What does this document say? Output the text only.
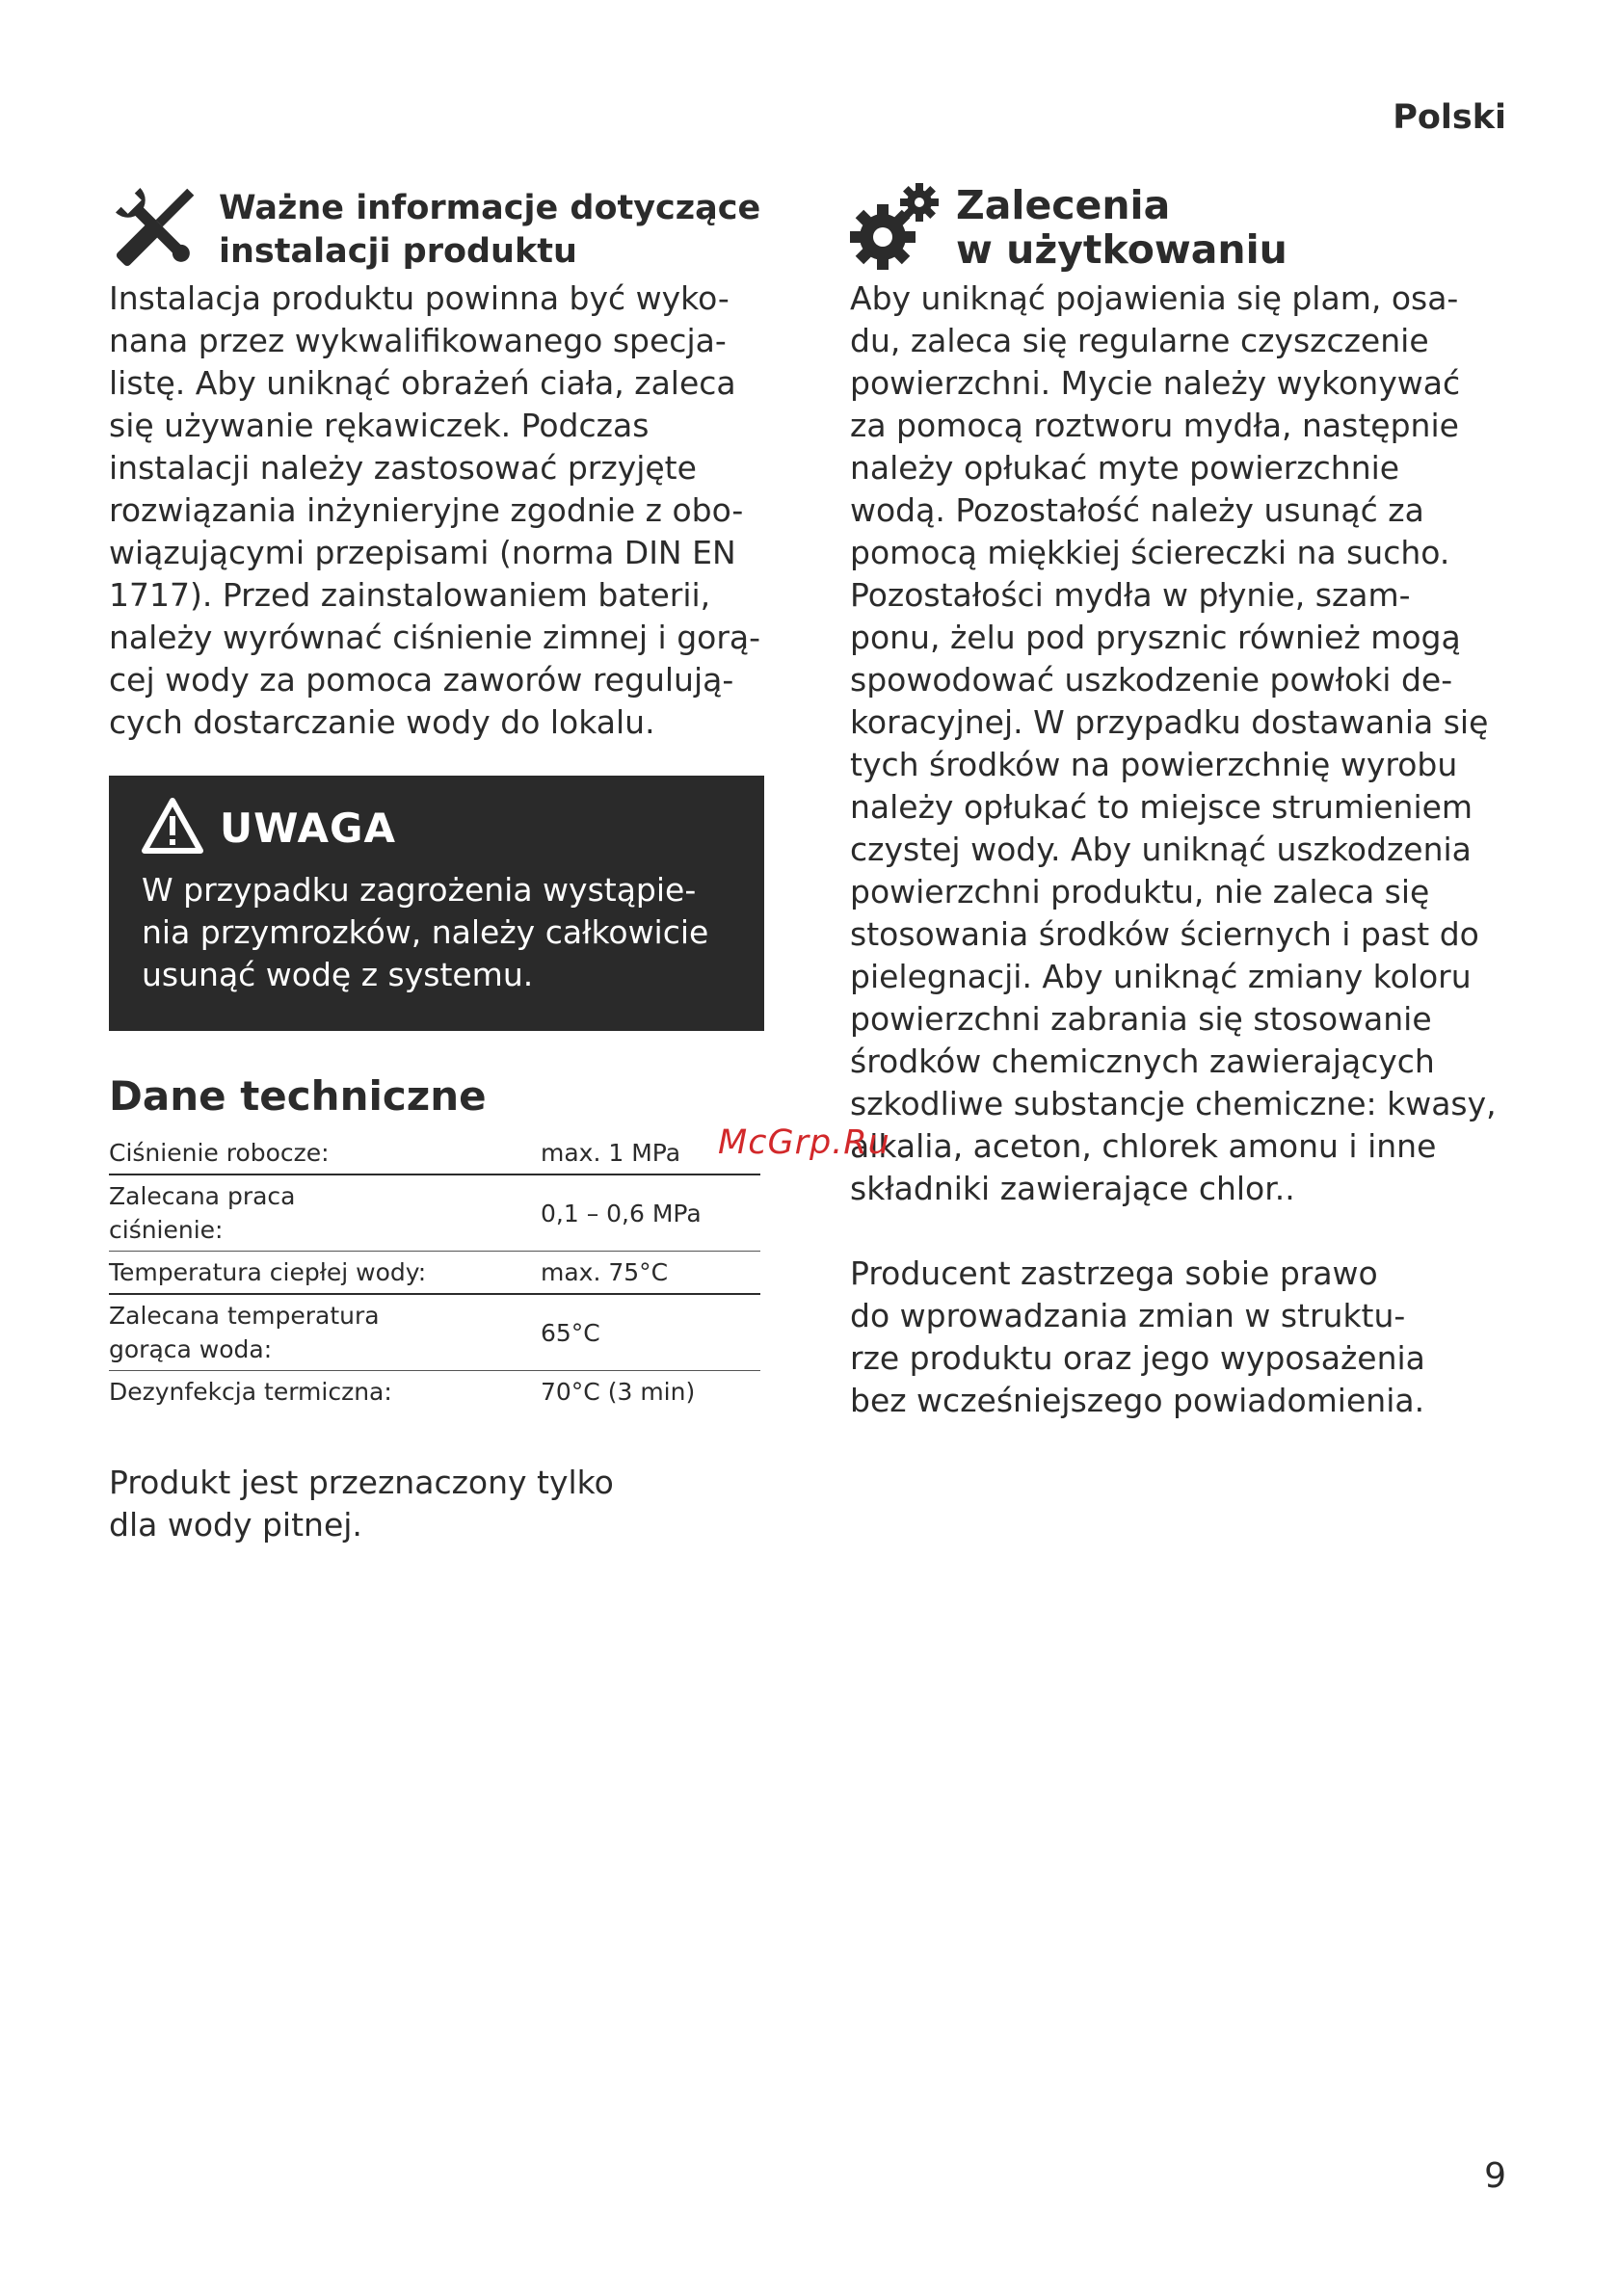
Polski
Ważne informacje dotyczące
instalacji produktu

Instalacja produktu powinna być wyko-
nana przez wykwalifikowanego specja-
listę. Aby uniknąć obrażeń ciała, zaleca
się używanie rękawiczek. Podczas
instalacji należy zastosować przyjęte
rozwiązania inżynieryjne zgodnie z obo-
wiązującymi przepisami (norma DIN EN
1717). Przed zainstalowaniem baterii,
należy wyrównać ciśnienie zimnej i gorą-
cej wody za pomoca zaworów regulują-
cych dostarczanie wody do lokalu.

UWAGA
W przypadku zagrożenia wystąpie-
nia przymrozków, należy całkowicie
usunąć wodę z systemu.
Dane techniczne
Ciśnienie robocze:	max. 1 MPa
Zalecana praca
ciśnienie:	0,1 – 0,6 MPa
Temperatura ciepłej wody:	max. 75°C
Zalecana temperatura
gorąca woda:	65°C
Dezynfekcja termiczna:	70°C (3 min)

Produkt jest przeznaczony tylko
dla wody pitnej.

Zalecenia
w użytkowaniu

Aby uniknąć pojawienia się plam, osa-
du, zaleca się regularne czyszczenie
powierzchni. Mycie należy wykonywać
za pomocą roztworu mydła, następnie
należy opłukać myte powierzchnie
wodą. Pozostałość należy usunąć za
pomocą miękkiej ściereczki na sucho.
Pozostałości mydła w płynie, szam-
ponu, żelu pod prysznic również mogą
spowodować uszkodzenie powłoki de-
koracyjnej. W przypadku dostawania się
tych środków na powierzchnię wyrobu
należy opłukać to miejsce strumieniem
czystej wody. Aby uniknąć uszkodzenia
powierzchni produktu, nie zaleca się
stosowania środków ściernych i past do
pielegnacji. Aby uniknąć zmiany koloru
powierzchni zabrania się stosowanie
środków chemicznych zawierających
szkodliwe substancje chemiczne: kwasy,
alkalia, aceton, chlorek amonu i inne
składniki zawierające chlor..

Producent zastrzega sobie prawo
do wprowadzania zmian w struktu-
rze produktu oraz jego wyposażenia
bez wcześniejszego powiadomienia.

McGrp.Ru
9
